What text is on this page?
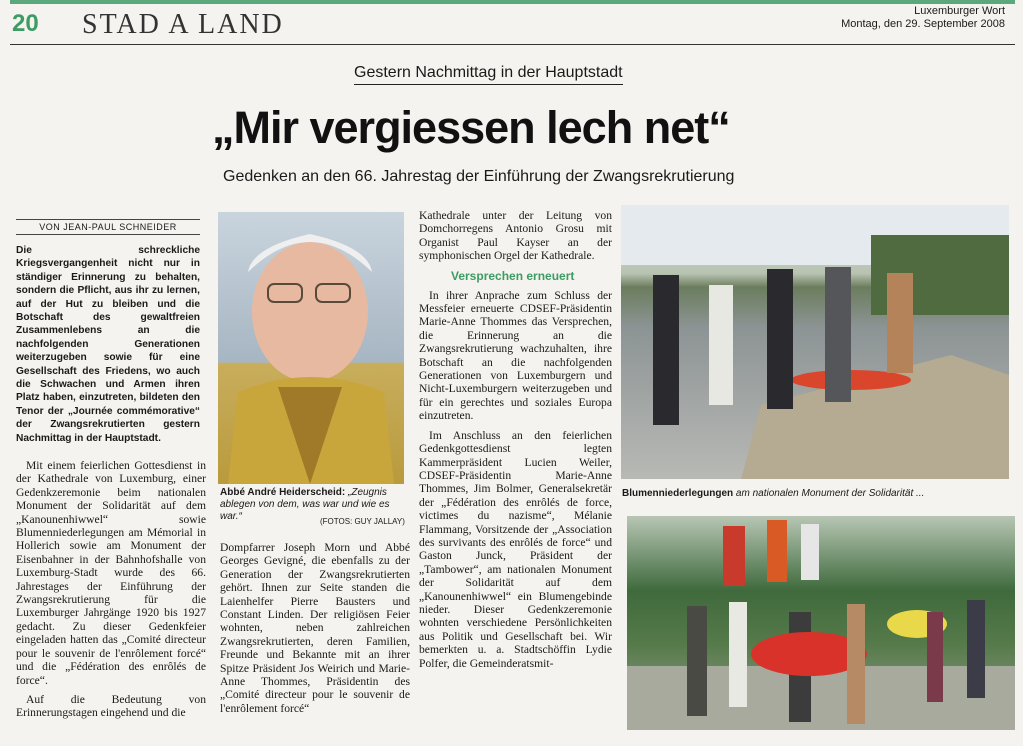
20 STAD A LAND	Luxemburger Wort
Montag, den 29. September 2008
Gestern Nachmittag in der Hauptstadt
„Mir vergiessen lech net“
Gedenken an den 66. Jahrestag der Einführung der Zwangsrekrutierung
VON JEAN-PAUL SCHNEIDER
Die schreckliche Kriegsvergangenheit nicht nur in ständiger Erinnerung zu behalten, sondern die Pflicht, aus ihr zu lernen, auf der Hut zu bleiben und die Botschaft des gewaltfreien Zusammenlebens an die nachfolgenden Generationen weiterzugeben sowie für eine Gesellschaft des Friedens, wo auch die Schwachen und Armen ihren Platz haben, einzutreten, bildeten den Tenor der „Journée commémorative“ der Zwangsrekrutierten gestern Nachmittag in der Hauptstadt.

Mit einem feierlichen Gottesdienst in der Kathedrale von Luxemburg, einer Gedenkzeremonie beim nationalen Monument der Solidarität auf dem „Kanounenhiwwel“ sowie Blumenniederlegungen am Mémorial in Hollerich sowie am Monument der Eisenbahner in der Bahnhofshalle von Luxemburg-Stadt wurde des 66. Jahrestages der Einführung der Zwangsrekrutierung für die Luxemburger Jahrgänge 1920 bis 1927 gedacht. Zu dieser Gedenkfeier eingeladen hatten das „Comité directeur pour le souvenir de l'enrôlement forcé“ und die „Fédération des enrôlés de force“.

Auf die Bedeutung von Erinnerungstagen eingehend und die

Abbé André Heiderscheid: „Zeugnis ablegen von dem, was war und wie es war.“	(FOTOS: GUY JALLAY)

Dompfarrer Joseph Morn und Abbé Georges Gevigné, die ebenfalls zu der Generation der Zwangsrekrutierten gehört. Ihnen zur Seite standen die Laienhelfer Pierre Bausters und Constant Linden. Der religiösen Feier wohnten, neben zahlreichen Zwangsrekrutierten, deren Familien, Freunde und Bekannte mit an ihrer Spitze Präsident Jos Weirich und Marie-Anne Thommes, Präsidentin des „Comité directeur pour le souvenir de l'enrôlement forcé“

Kathedrale unter der Leitung von Domchorregens Antonio Grosu mit Organist Paul Kayser an der symphonischen Orgel der Kathedrale.

Versprechen erneuert

In ihrer Anprache zum Schluss der Messfeier erneuerte CDSEF-Präsidentin Marie-Anne Thommes das Versprechen, die Erinnerung an die Zwangsrekrutierung wachzuhalten, ihre Botschaft an die nachfolgenden Generationen von Luxemburgern und Nicht-Luxemburgern weiterzugeben und für ein gerechtes und soziales Europa einzutreten.

Im Anschluss an den feierlichen Gedenkgottesdienst legten Kammerpräsident Lucien Weiler, CDSEF-Präsidentin Marie-Anne Thommes, Jim Bolmer, Generalsekretär der „Fédération des enrôlés de force, victimes du nazisme“, Mélanie Flammang, Vorsitzende der „Association des survivants des enrôlés de force“ und Gaston Junck, Präsident der „Tambower“, am nationalen Monument der Solidarität auf dem „Kanounenhiwwel“ ein Blumengebinde nieder. Dieser Gedenkzeremonie wohnten verschiedene Persönlichkeiten aus Politik und Gesellschaft bei. Wir bemerkten u. a. Stadtschöffin Lydie Polfer, die Gemeinderatsmit-

Blumenniederlegungen am nationalen Monument der Solidarität ...
